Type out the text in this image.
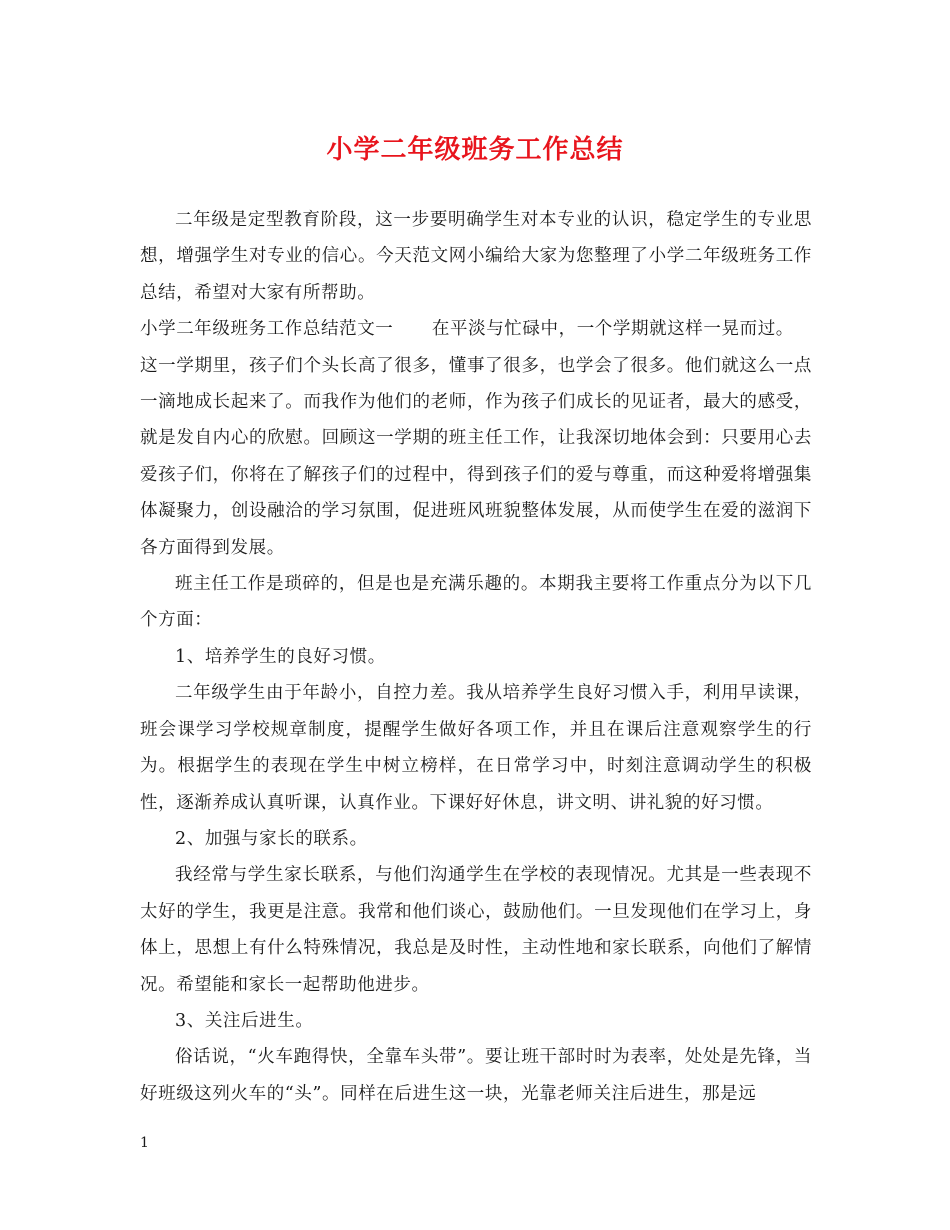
小学二年级班务工作总结

二年级是定型教育阶段，这一步要明确学生对本专业的认识，稳定学生的专业思想，增强学生对专业的信心。今天范文网小编给大家为您整理了小学二年级班务工作总结，希望对大家有所帮助。

小学二年级班务工作总结范文一 在平淡与忙碌中，一个学期就这样一晃而过。

这一学期里，孩子们个头长高了很多，懂事了很多，也学会了很多。他们就这么一点一滴地成长起来了。而我作为他们的老师，作为孩子们成长的见证者，最大的感受，就是发自内心的欣慰。回顾这一学期的班主任工作，让我深切地体会到：只要用心去爱孩子们，你将在了解孩子们的过程中，得到孩子们的爱与尊重，而这种爱将增强集体凝聚力，创设融洽的学习氛围，促进班风班貌整体发展，从而使学生在爱的滋润下各方面得到发展。

班主任工作是琐碎的，但是也是充满乐趣的。本期我主要将工作重点分为以下几个方面：

1、培养学生的良好习惯。

二年级学生由于年龄小，自控力差。我从培养学生良好习惯入手，利用早读课，班会课学习学校规章制度，提醒学生做好各项工作，并且在课后注意观察学生的行为。根据学生的表现在学生中树立榜样，在日常学习中，时刻注意调动学生的积极性，逐渐养成认真听课，认真作业。下课好好休息，讲文明、讲礼貌的好习惯。

2、加强与家长的联系。

我经常与学生家长联系，与他们沟通学生在学校的表现情况。尤其是一些表现不太好的学生，我更是注意。我常和他们谈心，鼓励他们。一旦发现他们在学习上，身体上，思想上有什么特殊情况，我总是及时性，主动性地和家长联系，向他们了解情况。希望能和家长一起帮助他进步。

3、关注后进生。

俗话说，“火车跑得快，全靠车头带”。要让班干部时时为表率，处处是先锋，当好班级这列火车的“头”。同样在后进生这一块，光靠老师关注后进生，那是远

1
